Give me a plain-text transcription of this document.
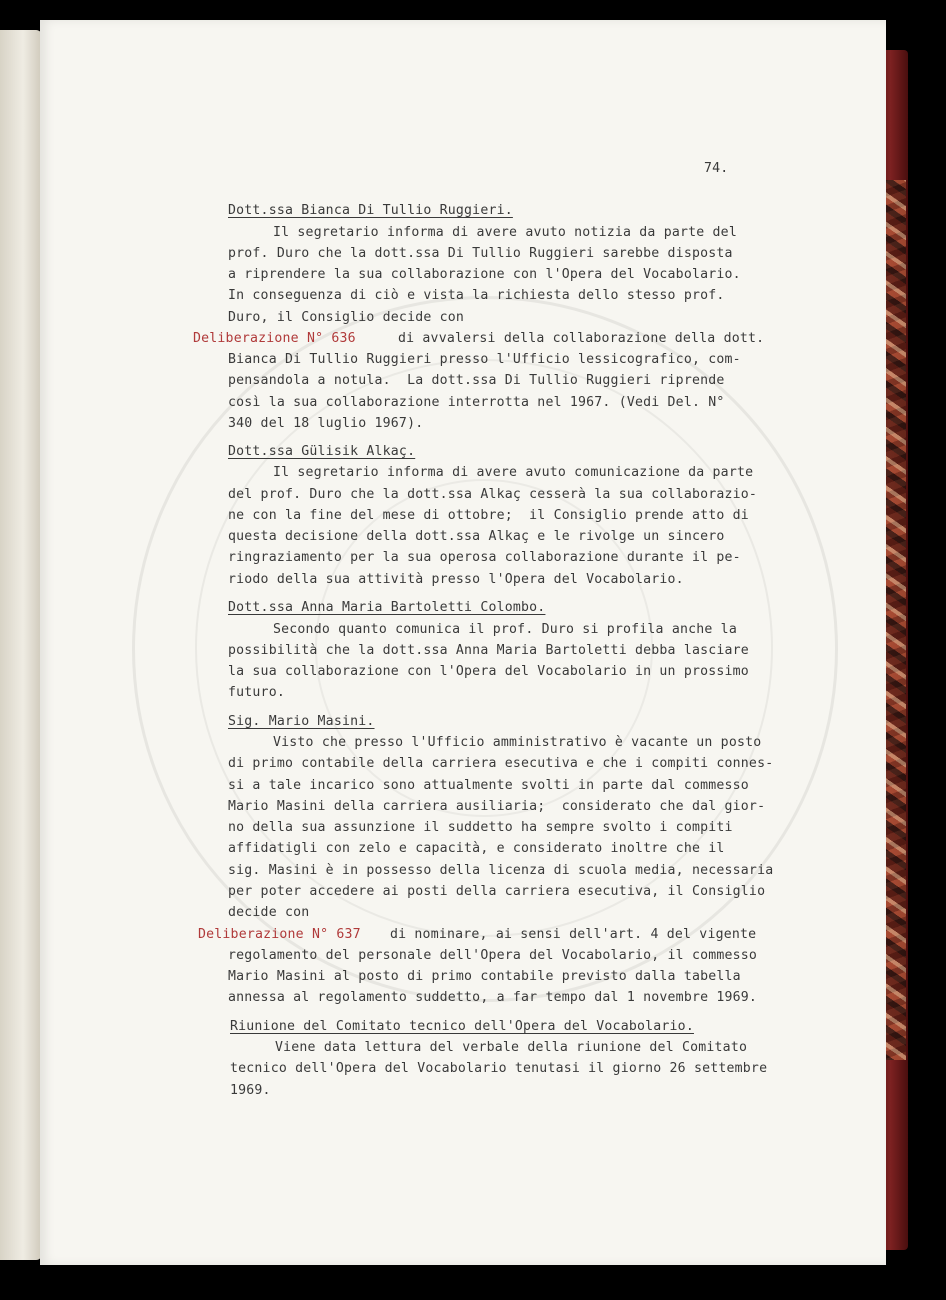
74.
Dott.ssa Bianca Di Tullio Ruggieri.
Il segretario informa di avere avuto notizia da parte del
prof. Duro che la dott.ssa Di Tullio Ruggieri sarebbe disposta
a riprendere la sua collaborazione con l'Opera del Vocabolario.
In conseguenza di ciò e vista la richiesta dello stesso prof.
Duro, il Consiglio decide con
di avvalersi della collaborazione della dott.
Bianca Di Tullio Ruggieri presso l'Ufficio lessicografico, com-
pensandola a notula.  La dott.ssa Di Tullio Ruggieri riprende
così la sua collaborazione interrotta nel 1967. (Vedi Del. N°
340 del 18 luglio 1967).
Dott.ssa Gülisik Alkaç.
Il segretario informa di avere avuto comunicazione da parte
del prof. Duro che la dott.ssa Alkaç cesserà la sua collaborazio-
ne con la fine del mese di ottobre;  il Consiglio prende atto di
questa decisione della dott.ssa Alkaç e le rivolge un sincero
ringraziamento per la sua operosa collaborazione durante il pe-
riodo della sua attività presso l'Opera del Vocabolario.
Dott.ssa Anna Maria Bartoletti Colombo.
Secondo quanto comunica il prof. Duro si profila anche la
possibilità che la dott.ssa Anna Maria Bartoletti debba lasciare
la sua collaborazione con l'Opera del Vocabolario in un prossimo
futuro.
Sig. Mario Masini.
Visto che presso l'Ufficio amministrativo è vacante un posto
di primo contabile della carriera esecutiva e che i compiti connes-
si a tale incarico sono attualmente svolti in parte dal commesso
Mario Masini della carriera ausiliaria;  considerato che dal gior-
no della sua assunzione il suddetto ha sempre svolto i compiti
affidatigli con zelo e capacità, e considerato inoltre che il
sig. Masini è in possesso della licenza di scuola media, necessaria
per poter accedere ai posti della carriera esecutiva, il Consiglio
decide con
di nominare, ai sensi dell'art. 4 del vigente
regolamento del personale dell'Opera del Vocabolario, il commesso
Mario Masini al posto di primo contabile previsto dalla tabella
annessa al regolamento suddetto, a far tempo dal 1 novembre 1969.
Riunione del Comitato tecnico dell'Opera del Vocabolario.
Viene data lettura del verbale della riunione del Comitato
tecnico dell'Opera del Vocabolario tenutasi il giorno 26 settembre
1969.
Deliberazione N° 636
Deliberazione N° 637
